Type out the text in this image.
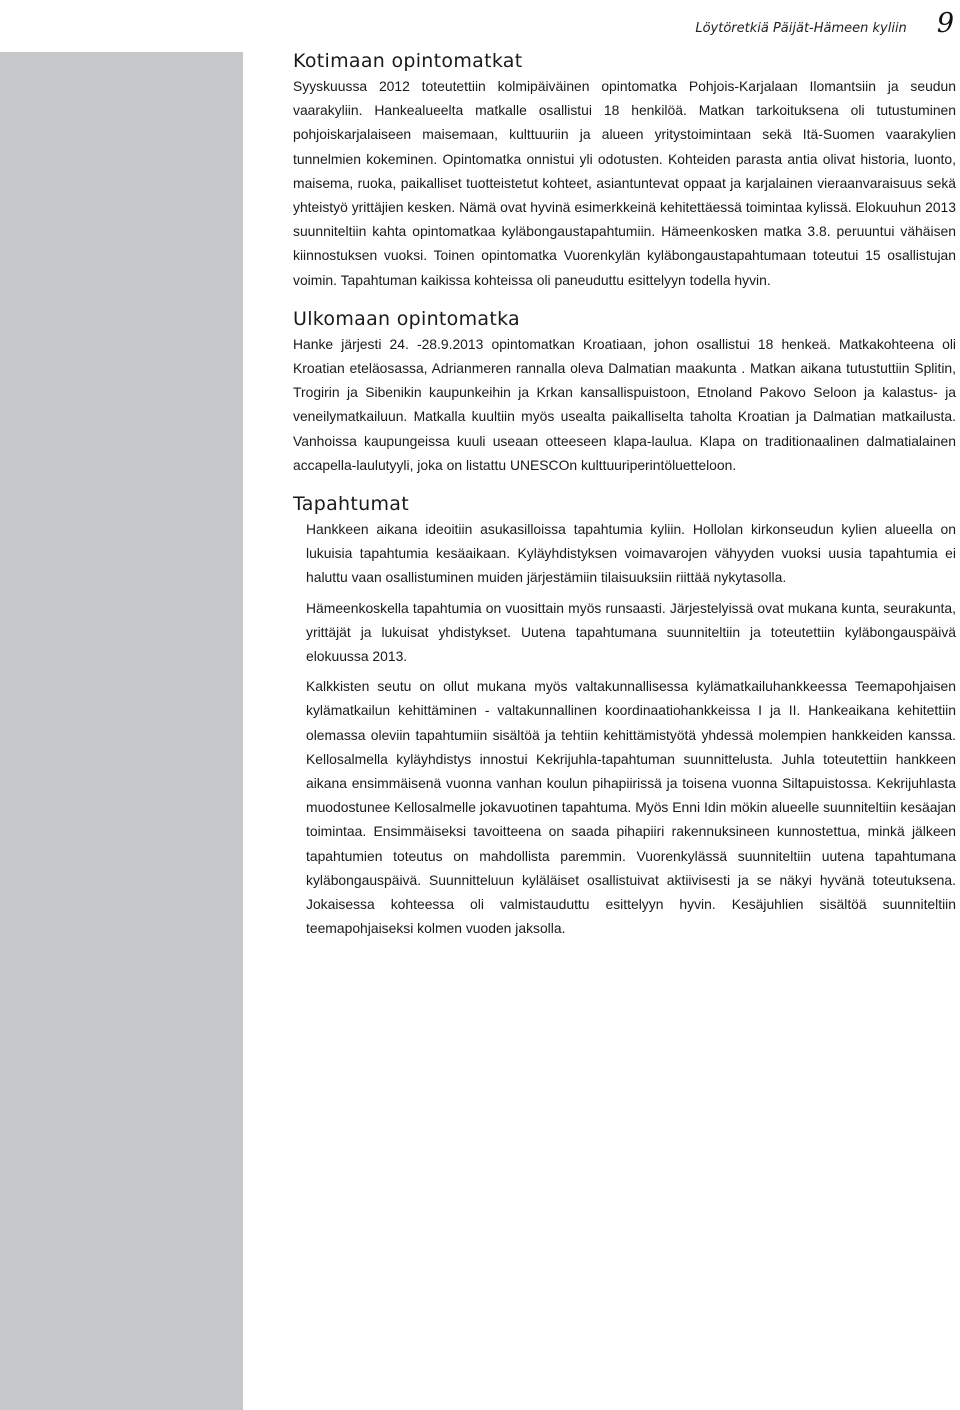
Löytöretkiä Päijät-Hämeen kyliin 9
Kotimaan opintomatkat

Syyskuussa 2012 toteutettiin kolmipäiväinen opintomatka Pohjois-Karjalaan Ilomantsiin ja seudun vaarakyliin. Hankealueelta matkalle osallistui 18 henkilöä. Matkan tarkoituksena oli tutustuminen pohjoiskarjalaiseen maisemaan, kulttuuriin ja alueen yritystoimintaan sekä Itä-Suomen vaarakylien tunnelmien kokeminen. Opintomatka onnistui yli odotusten. Kohteiden parasta antia olivat historia, luonto, maisema, ruoka, paikalliset tuotteistetut kohteet, asiantuntevat oppaat ja karjalainen vieraanvaraisuus sekä yhteistyö yrittäjien kesken. Nämä ovat hyvinä esimerkkeinä kehitettäessä toimintaa kylissä. Elokuuhun 2013 suunniteltiin kahta opintomatkaa kyläbongaustapahtumiin. Hämeenkosken matka 3.8. peruuntui vähäisen kiinnostuksen vuoksi. Toinen opintomatka Vuorenkylän kyläbongaustapahtumaan toteutui 15 osallistujan voimin. Tapahtuman kaikissa kohteissa oli paneuduttu esittelyyn todella hyvin.

Ulkomaan opintomatka

Hanke järjesti 24. -28.9.2013 opintomatkan Kroatiaan, johon osallistui 18 henkeä. Matkakohteena oli Kroatian eteläosassa, Adrianmeren rannalla oleva Dalmatian maakunta . Matkan aikana tutustuttiin Splitin, Trogirin ja Sibenikin kaupunkeihin ja Krkan kansallispuistoon, Etnoland Pakovo Seloon ja kalastus- ja veneilymatkailuun. Matkalla kuultiin myös usealta paikalliselta taholta Kroatian ja Dalmatian matkailusta. Vanhoissa kaupungeissa kuuli useaan otteeseen klapa-laulua. Klapa on traditionaalinen dalmatialainen accapella-laulutyyli, joka on listattu UNESCOn kulttuuriperintöluetteloon.

Tapahtumat

Hankkeen aikana ideoitiin asukasilloissa tapahtumia kyliin. Hollolan kirkonseudun kylien alueella on lukuisia tapahtumia kesäaikaan. Kyläyhdistyksen voimavarojen vähyyden vuoksi uusia tapahtumia ei haluttu vaan osallistuminen muiden järjestämiin tilaisuuksiin riittää nykytasolla.

Hämeenkoskella tapahtumia on vuosittain myös runsaasti. Järjestelyissä ovat mukana kunta, seurakunta, yrittäjät ja lukuisat yhdistykset. Uutena tapahtumana suunniteltiin ja toteutettiin kyläbongauspäivä elokuussa 2013.

Kalkkisten seutu on ollut mukana myös valtakunnallisessa kylämatkailuhankkeessa Teemapohjaisen kylämatkailun kehittäminen - valtakunnallinen koordinaatiohankkeissa I ja II. Hankeaikana kehitettiin olemassa oleviin tapahtumiin sisältöä ja tehtiin kehittämistyötä yhdessä molempien hankkeiden kanssa. Kellosalmella kyläyhdistys innostui Kekrijuhla-tapahtuman suunnittelusta. Juhla toteutettiin hankkeen aikana ensimmäisenä vuonna vanhan koulun pihapiirissä ja toisena vuonna Siltapuistossa. Kekrijuhlasta muodostunee Kellosalmelle jokavuotinen tapahtuma. Myös Enni Idin mökin alueelle suunniteltiin kesäajan toimintaa. Ensimmäiseksi tavoitteena on saada pihapiiri rakennuksineen kunnostettua, minkä jälkeen tapahtumien toteutus on mahdollista paremmin. Vuorenkylässä suunniteltiin uutena tapahtumana kyläbongauspäivä. Suunnitteluun kyläläiset osallistuivat aktiivisesti ja se näkyi hyvänä toteutuksena. Jokaisessa kohteessa oli valmistauduttu esittelyyn hyvin. Kesäjuhlien sisältöä suunniteltiin teemapohjaiseksi kolmen vuoden jaksolla.
